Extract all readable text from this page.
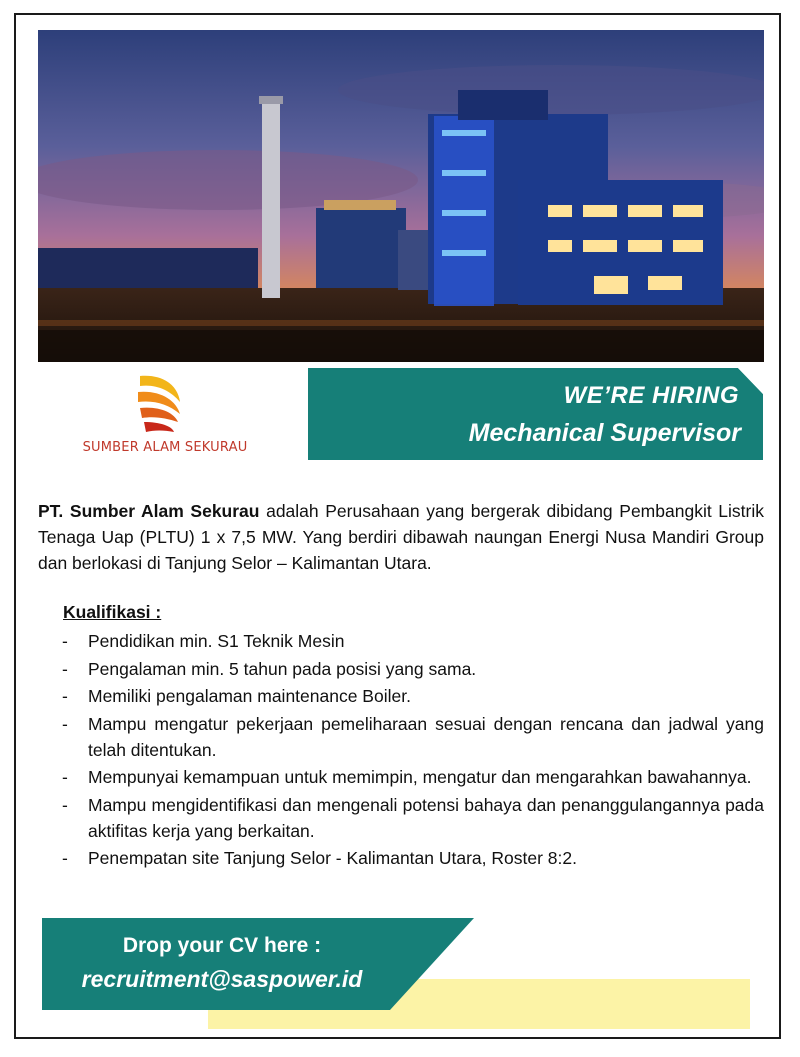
SUMBER ALAM SEKURAU
WE’RE HIRING
Mechanical Supervisor
PT. Sumber Alam Sekurau adalah Perusahaan yang bergerak dibidang Pembangkit Listrik Tenaga Uap (PLTU) 1 x 7,5 MW. Yang berdiri dibawah naungan Energi Nusa Mandiri Group dan berlokasi di Tanjung Selor – Kalimantan Utara.
Kualifikasi :
- Pendidikan min. S1 Teknik Mesin
- Pengalaman min. 5 tahun pada posisi yang sama.
- Memiliki pengalaman maintenance Boiler.
- Mampu mengatur pekerjaan pemeliharaan sesuai dengan rencana dan jadwal yang telah ditentukan.
- Mempunyai kemampuan untuk memimpin, mengatur dan mengarahkan bawahannya.
- Mampu mengidentifikasi dan mengenali potensi bahaya dan penanggulangannya pada aktifitas kerja yang berkaitan.
- Penempatan site Tanjung Selor - Kalimantan Utara, Roster 8:2.
Drop your CV here :
recruitment@saspower.id
